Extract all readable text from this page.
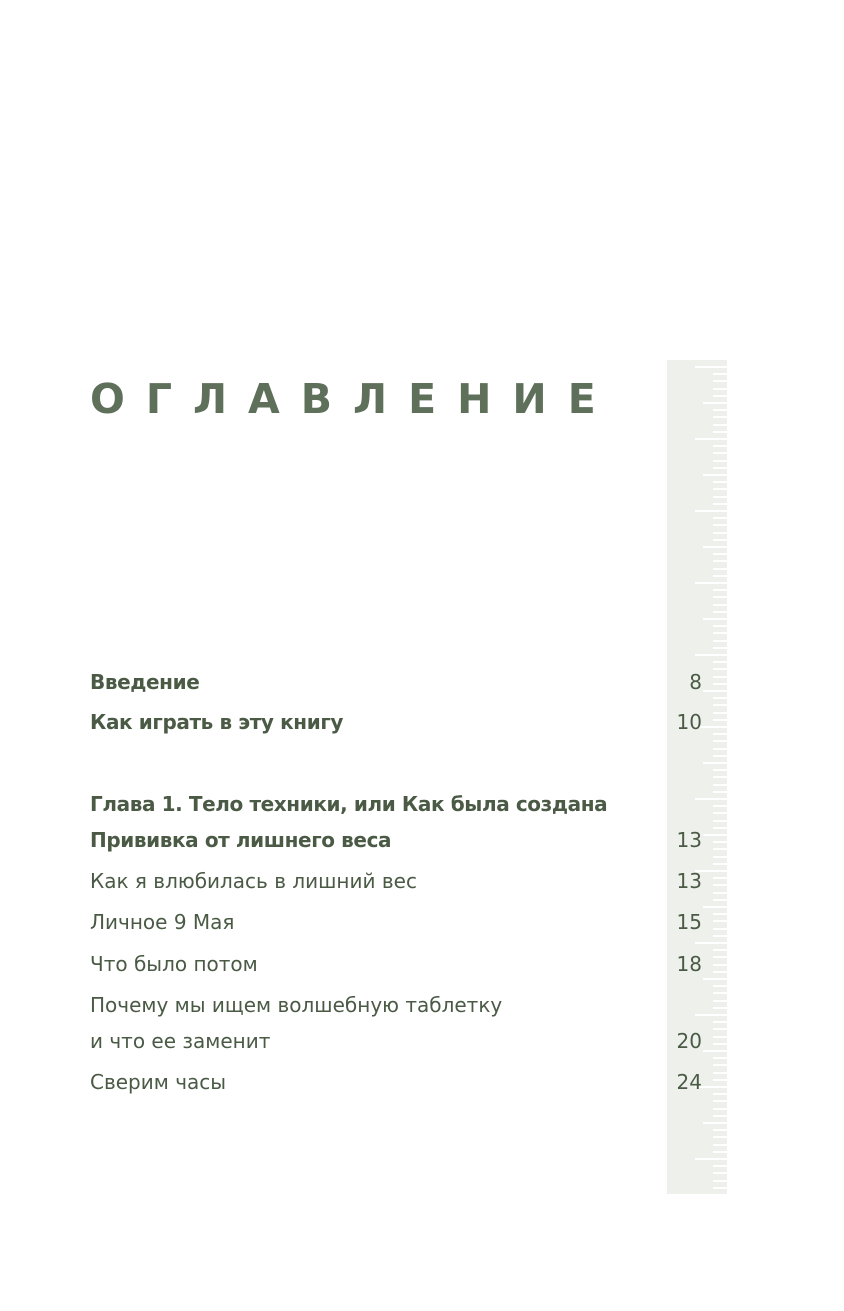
ОГЛАВЛЕНИЕ
Введение	8
Как играть в эту книгу	10
Глава 1. Тело техники, или Как была создана
Прививка от лишнего веса	13
Как я влюбилась в лишний вес	13
Личное 9 Мая	15
Что было потом	18
Почему мы ищем волшебную таблетку
и что ее заменит	20
Сверим часы	24
